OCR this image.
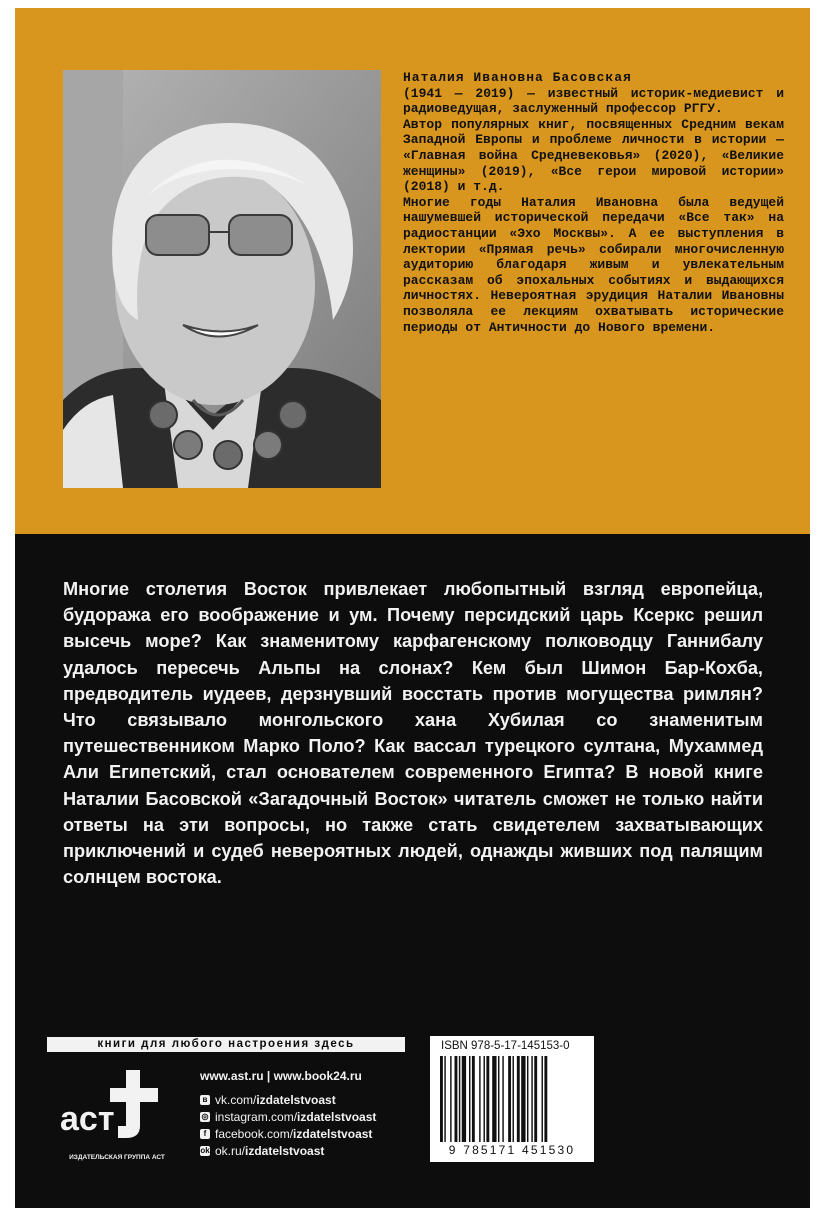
Наталия Ивановна Басовская

(1941 — 2019) — известный историк-медиевист и радиоведущая, заслуженный профессор РГГУ.

Автор популярных книг, посвященных Средним векам Западной Европы и проблеме личности в истории — «Главная война Средневековья» (2020), «Великие женщины» (2019), «Все герои мировой истории» (2018) и т.д.

Многие годы Наталия Ивановна была ведущей нашумевшей исторической передачи «Все так» на радиостанции «Эхо Москвы». А ее выступления в лектории «Прямая речь» собирали многочисленную аудиторию благодаря живым и увлекательным рассказам об эпохальных событиях и выдающихся личностях. Невероятная эрудиция Наталии Ивановны позволяла ее лекциям охватывать исторические периоды от Античности до Нового времени.

Многие столетия Восток привлекает любопытный взгляд европейца, будоража его воображение и ум. Почему персидский царь Ксеркс решил высечь море? Как знаменитому карфагенскому полководцу Ганнибалу удалось пересечь Альпы на слонах? Кем был Шимон Бар-Кохба, предводитель иудеев, дерзнувший восстать против могущества римлян? Что связывало монгольского хана Хубилая со знаменитым путешественником Марко Поло? Как вассал турецкого султана, Мухаммед Али Египетский, стал основателем современного Египта? В новой книге Наталии Басовской «Загадочный Восток» читатель сможет не только найти ответы на эти вопросы, но также стать свидетелем захватывающих приключений и судеб невероятных людей, однажды живших под палящим солнцем востока.

книги для любого настроения здесь
аст
ИЗДАТЕЛЬСКАЯ ГРУППА АСТ
www.ast.ru | www.book24.ru
в vk.com/ izdatelstvoast
◎ instagram.com/ izdatelstvoast
f facebook.com/ izdatelstvoast
ok ok.ru/ izdatelstvoast
ISBN 978-5-17-145153-0
9 785171 451530
